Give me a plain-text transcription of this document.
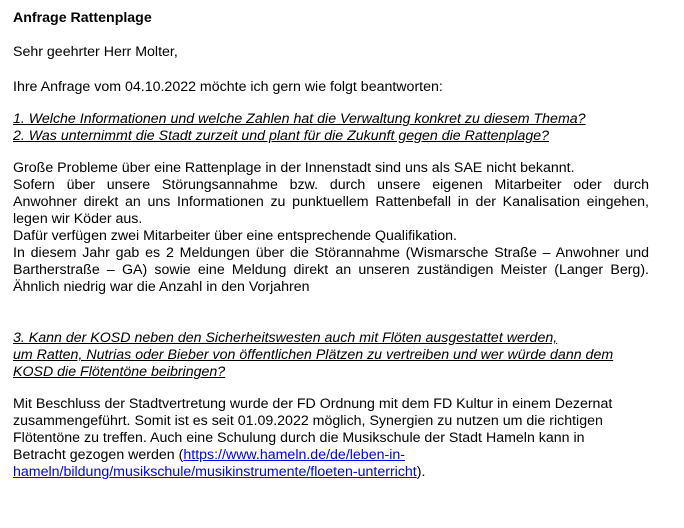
Anfrage Rattenplage
Sehr geehrter Herr Molter,
Ihre Anfrage vom 04.10.2022 möchte ich gern wie folgt beantworten:
1. Welche Informationen und welche Zahlen hat die Verwaltung konkret zu diesem Thema?
2. Was unternimmt die Stadt zurzeit und plant für die Zukunft gegen die Rattenplage?
Große Probleme über eine Rattenplage in der Innenstadt sind uns als SAE nicht bekannt.
Sofern über unsere Störungsannahme bzw. durch unsere eigenen Mitarbeiter oder durch
Anwohner direkt an uns Informationen zu punktuellem Rattenbefall in der Kanalisation eingehen,
legen wir Köder aus.
Dafür verfügen zwei Mitarbeiter über eine entsprechende Qualifikation.
In diesem Jahr gab es 2 Meldungen über die Störannahme (Wismarsche Straße – Anwohner und
Bartherstraße – GA) sowie eine Meldung direkt an unseren zuständigen Meister (Langer Berg).
Ähnlich niedrig war die Anzahl in den Vorjahren
3. Kann der KOSD neben den Sicherheitswesten auch mit Flöten ausgestattet werden,
um Ratten, Nutrias oder Bieber von öffentlichen Plätzen zu vertreiben und wer würde dann dem
KOSD die Flötentöne beibringen?
Mit Beschluss der Stadtvertretung wurde der FD Ordnung mit dem FD Kultur in einem Dezernat
zusammengeführt. Somit ist es seit 01.09.2022 möglich, Synergien zu nutzen um die richtigen
Flötentöne zu treffen. Auch eine Schulung durch die Musikschule der Stadt Hameln kann in
Betracht gezogen werden (https://www.hameln.de/de/leben-in-
hameln/bildung/musikschule/musikinstrumente/floeten-unterricht).
